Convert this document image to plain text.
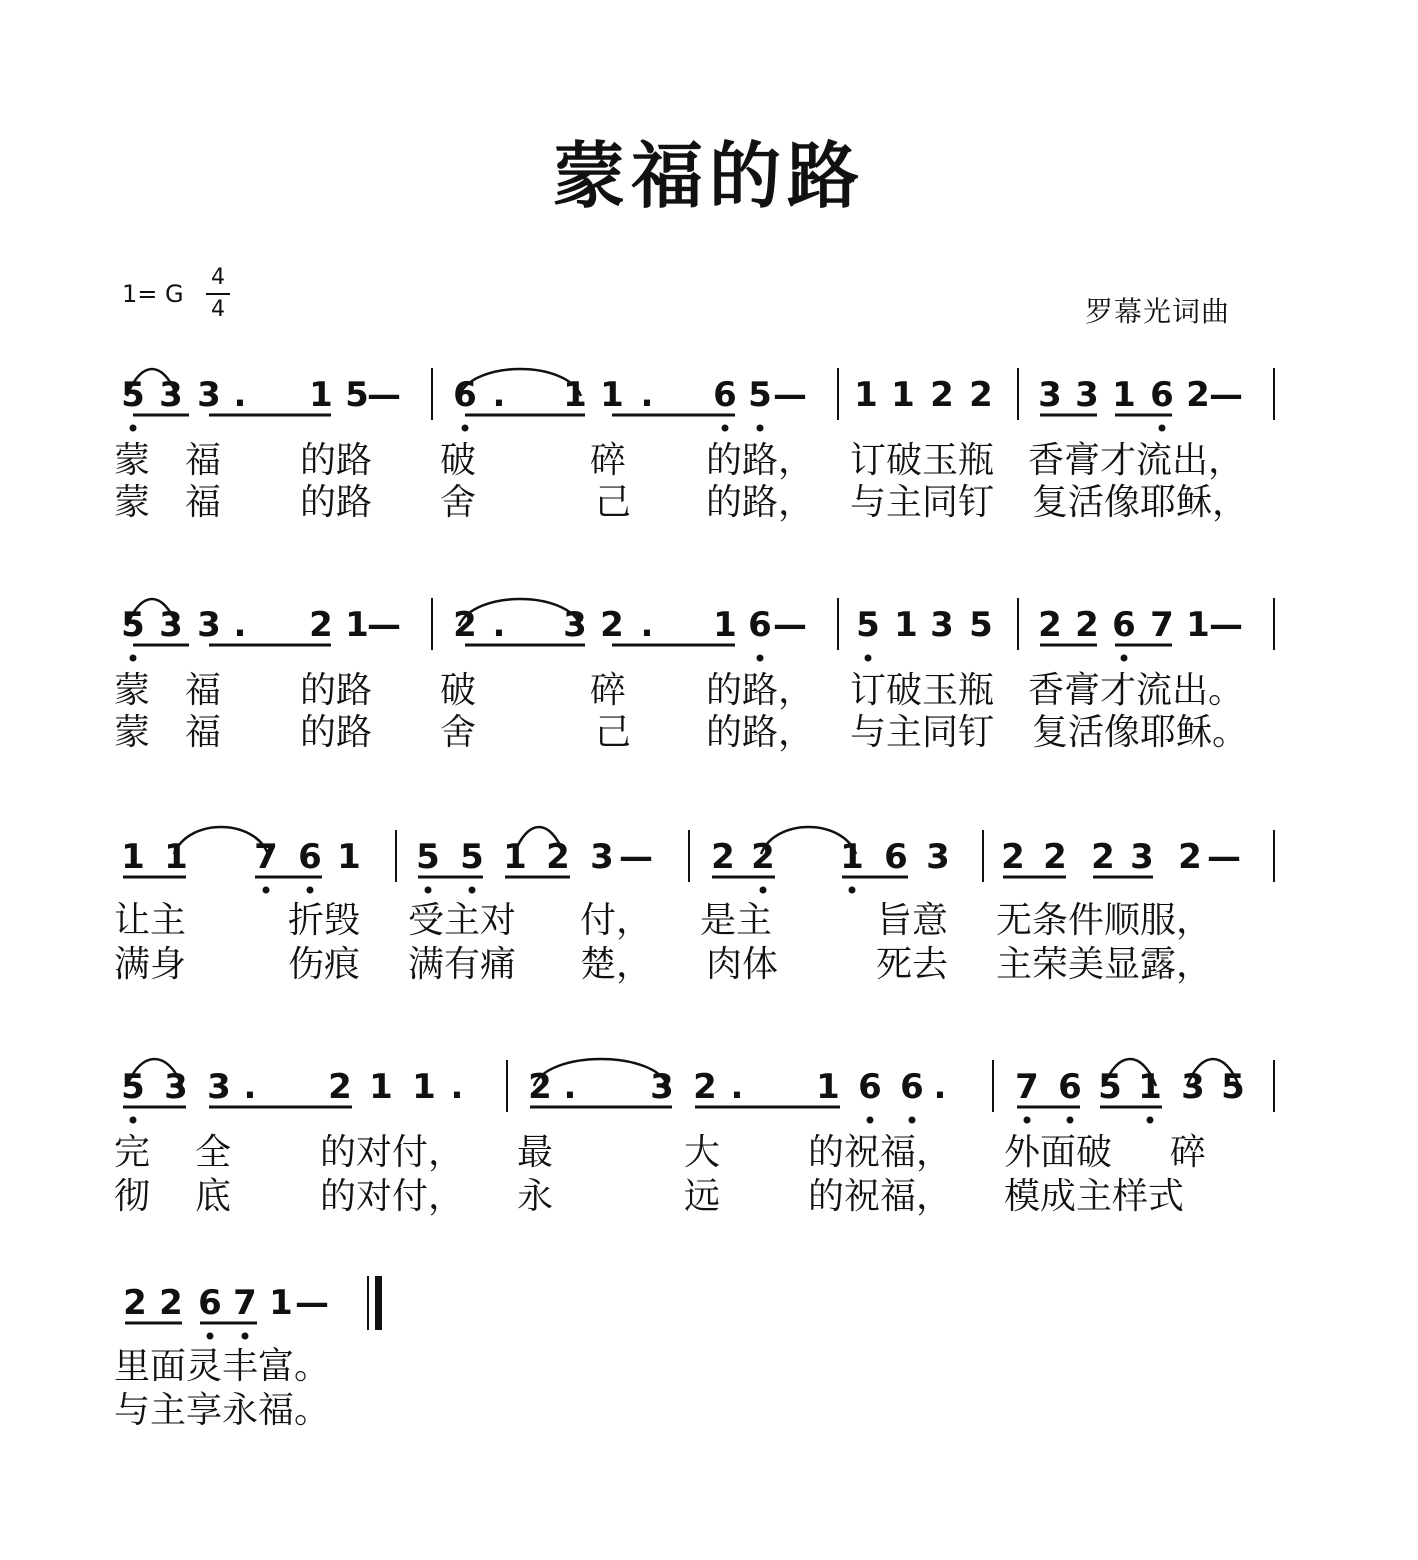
蒙福的路
1= G
4
4	罗幕光词曲
5 3 3 . 1 5
— 6 . 1 1 . 6 5 — 1 1 2 2 3 3 1 6 2 —
蒙 福 的路 破	碎 的路， 订破玉瓶 香膏才流出，
蒙 福 的路 舍	己 的路， 与主同钉 复活像耶稣，
5 3 3 . 2 1
— 2 . 3 2 . 1 6 — 5 1 3 5 2 2 6 7 1 —
蒙 福 的路 破	碎 的路， 订破玉瓶 香膏才流出。
蒙 福 的路 舍	己 的路， 与主同钉 复活像耶稣。
1 1 7 6 1 5 5 1 2 3 — 2 2 1 6 3 2 2 2 3 2 —
让主	折毁 受主对 付， 是主	旨意 无条件顺服，
满身	伤痕 满有痛 楚， 肉体	死去 主荣美显露，
5 3 3 . 2 1 1 . 2 . 3 2 . 1 6 6 . 7 6 5 1 3 5
完 全 的对付， 最	大 的祝福， 外面破 碎
彻 底 的对付， 永	远 的祝福， 模成主样式
2 2 6 7 1 —
里面灵丰富。
与主享永福。
